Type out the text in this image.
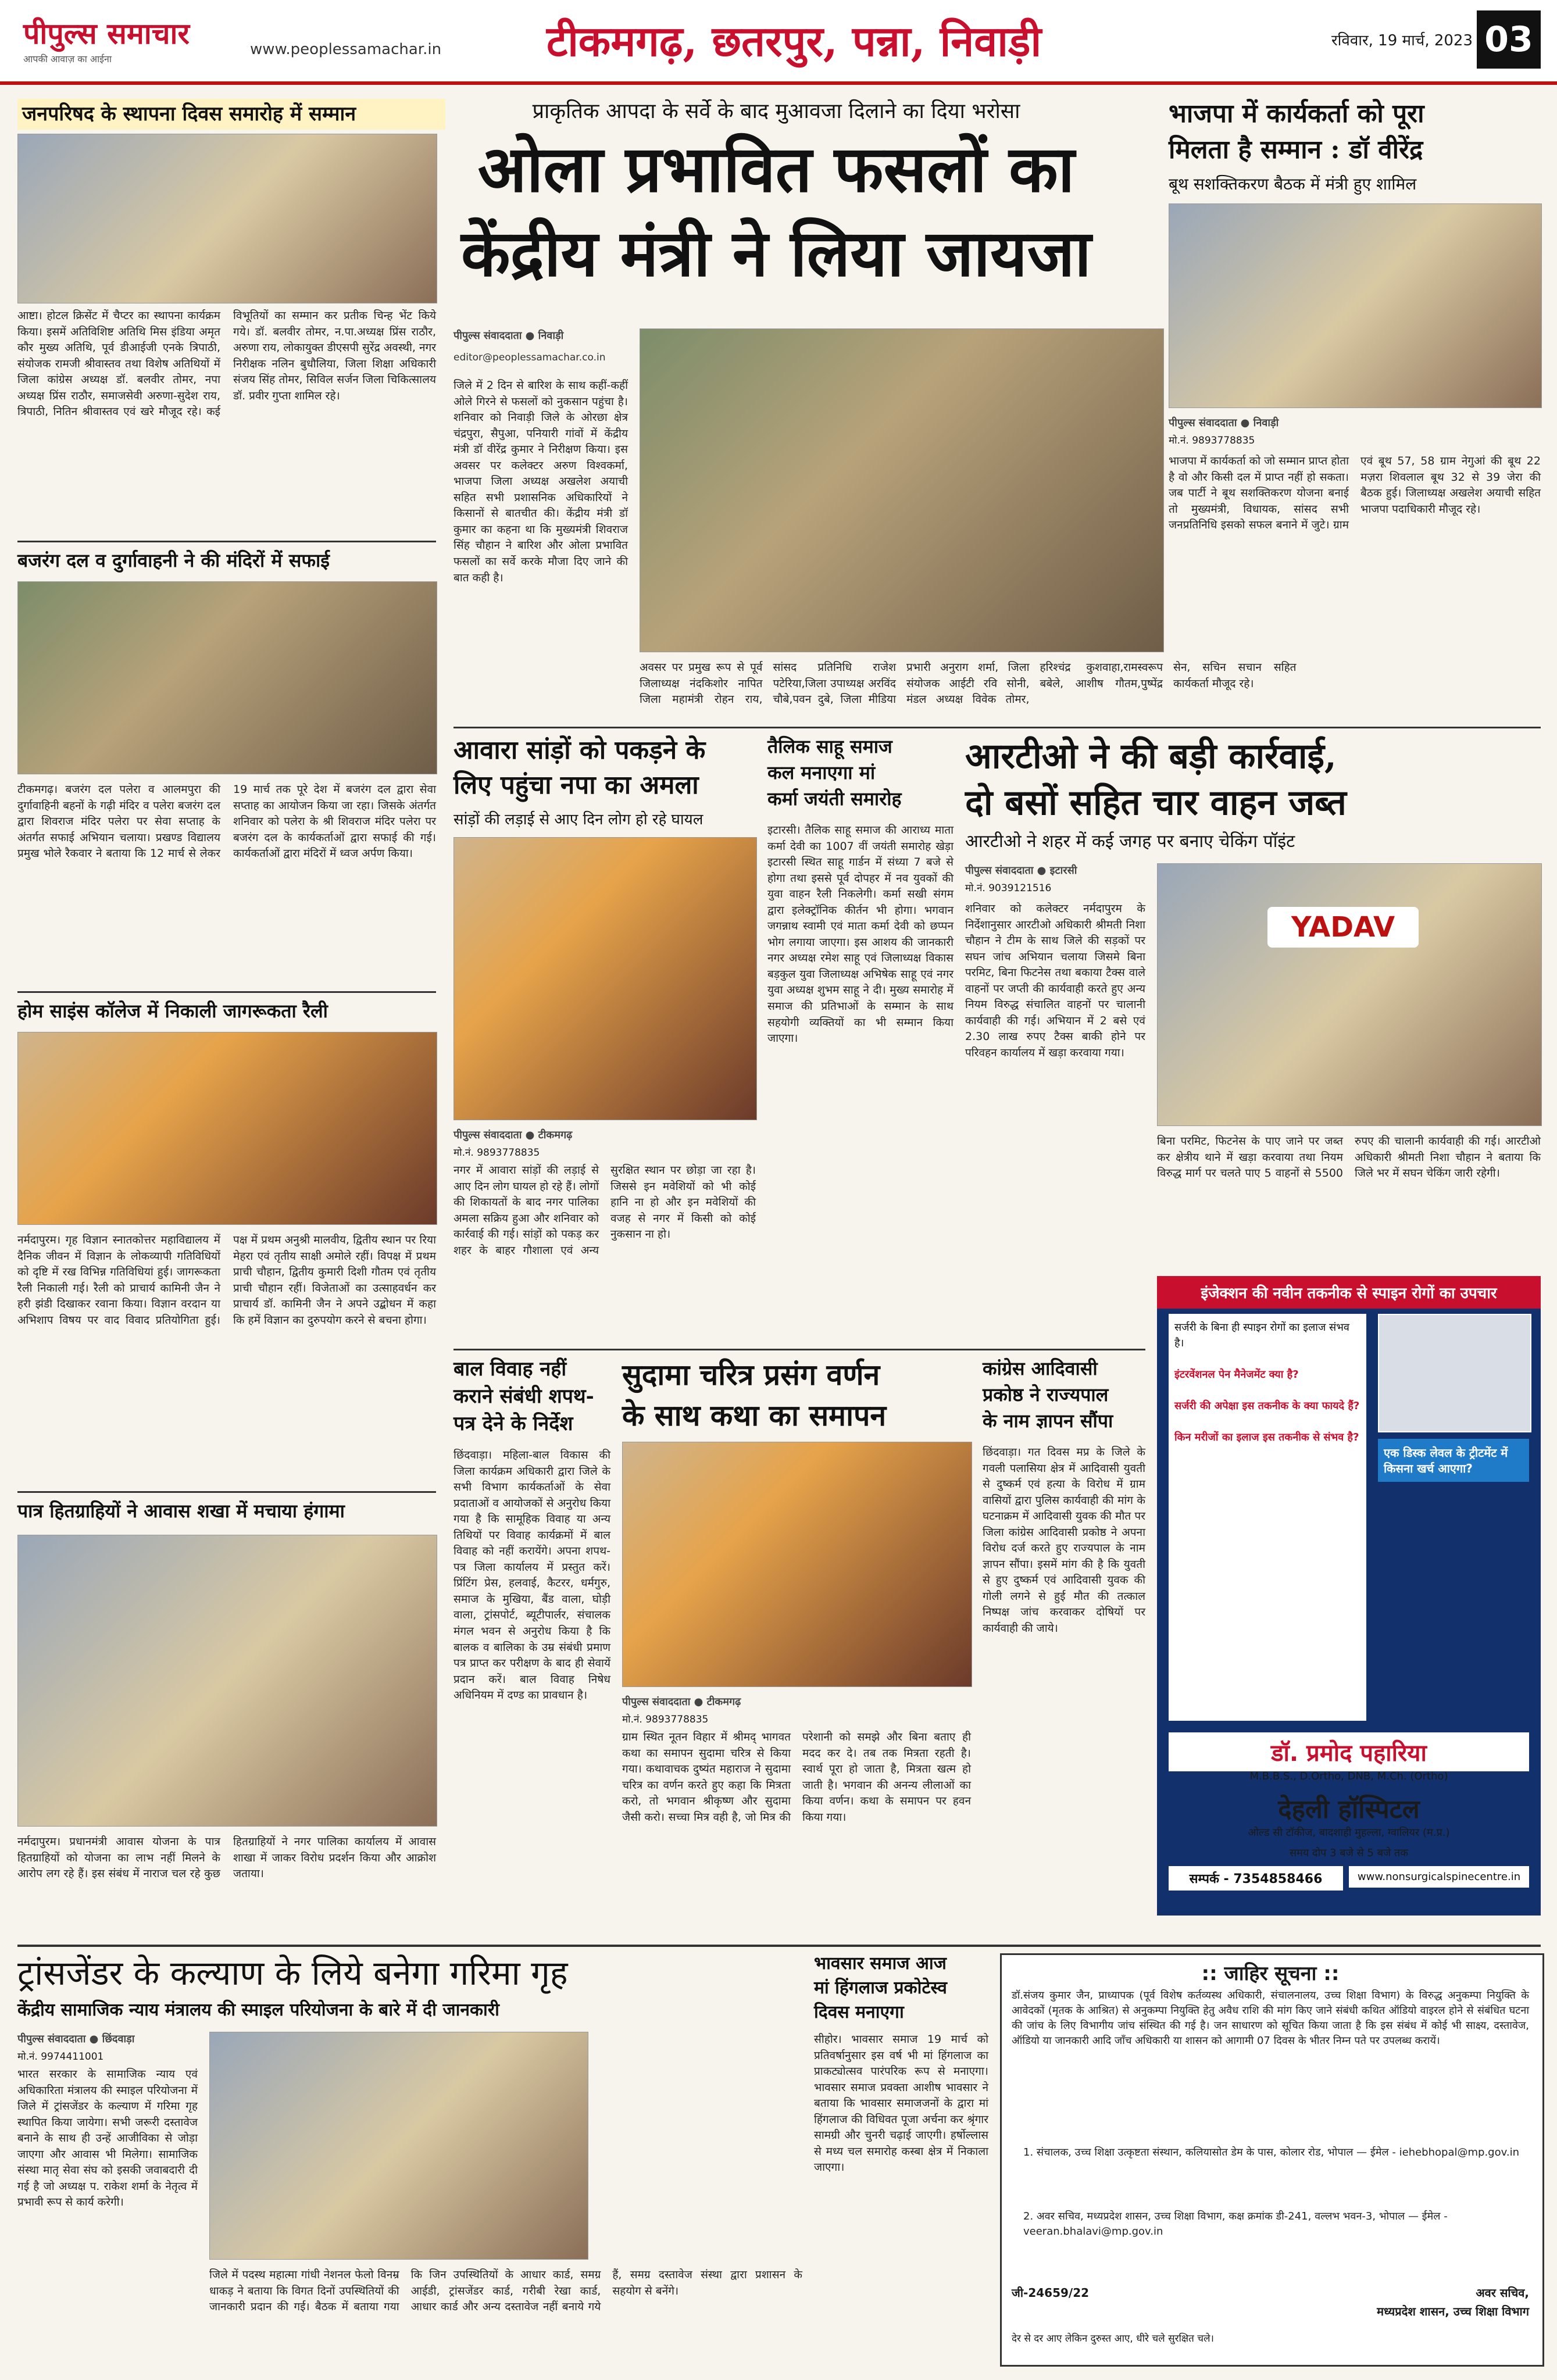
पीपुल्स समाचार
आपकी आवाज़ का आईना
www.peoplessamachar.in	टीकमगढ़, छतरपुर, पन्ना, निवाड़ी	रविवार, 19 मार्च, 2023 03
जनपरिषद के स्थापना दिवस समारोह में सम्मान
आष्टा। होटल क्रिसेंट में चैप्टर का स्थापना कार्यक्रम किया। इसमें अतिविशिष्ट अतिथि मिस इंडिया अमृत कौर मुख्य अतिथि, पूर्व डीआईजी एनके त्रिपाठी, संयोजक रामजी श्रीवास्तव तथा विशेष अतिथियों में जिला कांग्रेस अध्यक्ष डॉ. बलवीर तोमर, नपा अध्यक्ष प्रिंस राठौर, समाजसेवी अरुणा-सुदेश राय, त्रिपाठी, नितिन श्रीवास्तव एवं खरे मौजूद रहे। कई विभूतियों का सम्मान कर प्रतीक चिन्ह भेंट किये गये। डॉ. बलवीर तोमर, न.पा.अध्यक्ष प्रिंस राठौर, अरुणा राय, लोकायुक्त डीएसपी सुरेंद्र अवस्थी, नगर निरीक्षक नलिन बुधौलिया, जिला शिक्षा अधिकारी संजय सिंह तोमर, सिविल सर्जन जिला चिकित्सालय डॉ. प्रवीर गुप्ता शामिल रहे।
बजरंग दल व दुर्गावाहनी ने की मंदिरों में सफाई
टीकमगढ़। बजरंग दल पलेरा व आलमपुरा की दुर्गावाहिनी बहनों के गढ़ी मंदिर व पलेरा बजरंग दल द्वारा शिवराज मंदिर पलेरा पर सेवा सप्ताह के अंतर्गत सफाई अभियान चलाया। प्रखण्ड विद्यालय प्रमुख भोले रैकवार ने बताया कि 12 मार्च से लेकर 19 मार्च तक पूरे देश में बजरंग दल द्वारा सेवा सप्ताह का आयोजन किया जा रहा। जिसके अंतर्गत शनिवार को पलेरा के श्री शिवराज मंदिर पलेरा पर बजरंग दल के कार्यकर्ताओं द्वारा सफाई की गई। कार्यकर्ताओं द्वारा मंदिरों में ध्वज अर्पण किया।
होम साइंस कॉलेज में निकाली जागरूकता रैली
नर्मदापुरम। गृह विज्ञान स्नातकोत्तर महाविद्यालय में दैनिक जीवन में विज्ञान के लोकव्यापी गतिविधियों को दृष्टि में रख विभिन्न गतिविधियां हुई। जागरूकता रैली निकाली गई। रैली को प्राचार्य कामिनी जैन ने हरी झंडी दिखाकर रवाना किया। विज्ञान वरदान या अभिशाप विषय पर वाद विवाद प्रतियोगिता हुई। पक्ष में प्रथम अनुश्री मालवीय, द्वितीय स्थान पर रिया मेहरा एवं तृतीय साक्षी अमोले रहीं। विपक्ष में प्रथम प्राची चौहान, द्वितीय कुमारी दिशी गौतम एवं तृतीय प्राची चौहान रहीं। विजेताओं का उत्साहवर्धन कर प्राचार्य डॉ. कामिनी जैन ने अपने उद्बोधन में कहा कि हमें विज्ञान का दुरुपयोग करने से बचना होगा।
पात्र हितग्राहियों ने आवास शखा में मचाया हंगामा
नर्मदापुरम। प्रधानमंत्री आवास योजना के पात्र हितग्राहियों को योजना का लाभ नहीं मिलने के आरोप लग रहे हैं। इस संबंध में नाराज चल रहे कुछ हितग्राहियों ने नगर पालिका कार्यालय में आवास शाखा में जाकर विरोध प्रदर्शन किया और आक्रोश जताया।
प्राकृतिक आपदा के सर्वे के बाद मुआवजा दिलाने का दिया भरोसा
ओला प्रभावित फसलों का
केंद्रीय मंत्री ने लिया जायजा
पीपुल्स संवाददाता ● निवाड़ी
editor@peoplessamachar.co.in
जिले में 2 दिन से बारिश के साथ कहीं-कहीं ओले गिरने से फसलों को नुकसान पहुंचा है। शनिवार को निवाड़ी जिले के ओरछा क्षेत्र चंद्रपुरा, सैपुआ, पनियारी गांवों में केंद्रीय मंत्री डॉ वीरेंद्र कुमार ने निरीक्षण किया। इस अवसर पर कलेक्टर अरुण विश्वकर्मा, भाजपा जिला अध्यक्ष अखलेश अयाची सहित सभी प्रशासनिक अधिकारियों ने किसानों से बातचीत की। केंद्रीय मंत्री डॉ कुमार का कहना था कि मुख्यमंत्री शिवराज सिंह चौहान ने बारिश और ओला प्रभावित फसलों का सर्वे करके मौजा दिए जाने की बात कही है।
अवसर पर प्रमुख रूप से पूर्व जिलाध्यक्ष नंदकिशोर नापित जिला महामंत्री रोहन राय, सांसद प्रतिनिधि राजेश पटेरिया,जिला उपाध्यक्ष अरविंद चौबे,पवन दुबे, जिला मीडिया प्रभारी अनुराग शर्मा, जिला संयोजक आईटी रवि सोनी, मंडल अध्यक्ष विवेक तोमर, हरिश्चंद्र कुशवाहा,रामस्वरूप बबेले, आशीष गौतम,पुष्पेंद्र सेन, सचिन सचान सहित कार्यकर्ता मौजूद रहे।
भाजपा में कार्यकर्ता को पूरा
मिलता है सम्मान : डॉ वीरेंद्र
बूथ सशक्तिकरण बैठक में मंत्री हुए शामिल
पीपुल्स संवाददाता ● निवाड़ी
मो.नं. 9893778835
भाजपा में कार्यकर्ता को जो सम्मान प्राप्त होता है वो और किसी दल में प्राप्त नहीं हो सकता। जब पार्टी ने बूथ सशक्तिकरण योजना बनाई तो मुख्यमंत्री, विधायक, सांसद सभी जनप्रतिनिधि इसको सफल बनाने में जुटे। ग्राम एवं बूथ 57, 58 ग्राम नेगुआं की बूथ 22 मज़रा शिवलाल बूथ 32 से 39 जेरा की बैठक हुई। जिलाध्यक्ष अखलेश अयाची सहित भाजपा पदाधिकारी मौजूद रहे।
आवारा सांड़ों को पकड़ने के
लिए पहुंचा नपा का अमला
सांड़ों की लड़ाई से आए दिन लोग हो रहे घायल
पीपुल्स संवाददाता ● टीकमगढ़
मो.नं. 9893778835
नगर में आवारा सांड़ों की लड़ाई से आए दिन लोग घायल हो रहे हैं। लोगों की शिकायतों के बाद नगर पालिका अमला सक्रिय हुआ और शनिवार को कार्रवाई की गई। सांड़ों को पकड़ कर शहर के बाहर गौशाला एवं अन्य सुरक्षित स्थान पर छोड़ा जा रहा है। जिससे इन मवेशियों को भी कोई हानि ना हो और इन मवेशियों की वजह से नगर में किसी को कोई नुकसान ना हो।
तैलिक साहू समाज
कल मनाएगा मां
कर्मा जयंती समारोह
इटारसी। तैलिक साहू समाज की आराध्य माता कर्मा देवी का 1007 वीं जयंती समारोह खेड़ा इटारसी स्थित साहू गार्डन में संध्या 7 बजे से होगा तथा इससे पूर्व दोपहर में नव युवकों की युवा वाहन रैली निकलेगी। कर्मा सखी संगम द्वारा इलेक्ट्रॉनिक कीर्तन भी होगा। भगवान जगन्नाथ स्वामी एवं माता कर्मा देवी को छप्पन भोग लगाया जाएगा। इस आशय की जानकारी नगर अध्यक्ष रमेश साहू एवं जिलाध्यक्ष विकास बड़कुल युवा जिलाध्यक्ष अभिषेक साहू एवं नगर युवा अध्यक्ष शुभम साहू ने दी। मुख्य समारोह में समाज की प्रतिभाओं के सम्मान के साथ सहयोगी व्यक्तियों का भी सम्मान किया जाएगा।
आरटीओ ने की बड़ी कार्रवाई,
दो बसों सहित चार वाहन जब्त
आरटीओ ने शहर में कई जगह पर बनाए चेकिंग पॉइंट
पीपुल्स संवाददाता ● इटारसी
मो.नं. 9039121516
शनिवार को कलेक्टर नर्मदापुरम के निर्देशानुसार आरटीओ अधिकारी श्रीमती निशा चौहान ने टीम के साथ जिले की सड़कों पर सघन जांच अभियान चलाया जिसमे बिना परमिट, बिना फिटनेस तथा बकाया टैक्स वाले वाहनों पर जप्ती की कार्यवाही करते हुए अन्य नियम विरुद्ध संचालित वाहनों पर चालानी कार्यवाही की गई। अभियान में 2 बसे एवं 2.30 लाख रुपए टैक्स बाकी होने पर परिवहन कार्यालय में खड़ा करवाया गया।
YADAV
बिना परमिट, फिटनेस के पाए जाने पर जब्त कर क्षेत्रीय थाने में खड़ा करवाया तथा नियम विरुद्ध मार्ग पर चलते पाए 5 वाहनों से 5500 रुपए की चालानी कार्यवाही की गई। आरटीओ अधिकारी श्रीमती निशा चौहान ने बताया कि जिले भर में सघन चेकिंग जारी रहेगी।
इंजेक्शन की नवीन तकनीक से स्पाइन रोगों का उपचार
सर्जरी के बिना ही स्पाइन रोगों का इलाज संभव है।

इंटरवेंशनल पेन मैनेजमेंट क्या है?

सर्जरी की अपेक्षा इस तकनीक के क्या फायदे हैं?

किन मरीजों का इलाज इस तकनीक से संभव है?
एक डिस्क लेवल के ट्रीटमेंट में किसना खर्च आएगा?
डॉ. प्रमोद पहारिया
M.B.B.S., D.Ortho, DNB, M.Ch. (Ortho)
देहली हॉस्पिटल
ओल्ड सी टॉकीज, बादशाही मुहल्ला, ग्वालियर (म.प्र.)
समय दोप 3 बजे से 5 बजे तक
सम्पर्क - 7354858466	www.nonsurgicalspinecentre.in
बाल विवाह नहीं
कराने संबंधी शपथ-
पत्र देने के निर्देश
छिंदवाड़ा। महिला-बाल विकास की जिला कार्यक्रम अधिकारी द्वारा जिले के सभी विभाग कार्यकर्ताओं के सेवा प्रदाताओं व आयोजकों से अनुरोध किया गया है कि सामूहिक विवाह या अन्य तिथियों पर विवाह कार्यक्रमों में बाल विवाह को नहीं करायेंगे। अपना शपथ-पत्र जिला कार्यालय में प्रस्तुत करें। प्रिंटिंग प्रेस, हलवाई, कैटरर, धर्मगुरु, समाज के मुखिया, बैंड वाला, घोड़ी वाला, ट्रांसपोर्ट, ब्यूटीपार्लर, संचालक मंगल भवन से अनुरोध किया है कि बालक व बालिका के उम्र संबंधी प्रमाण पत्र प्राप्त कर परीक्षण के बाद ही सेवायें प्रदान करें। बाल विवाह निषेध अधिनियम में दण्ड का प्रावधान है।
सुदामा चरित्र प्रसंग वर्णन
के साथ कथा का समापन
पीपुल्स संवाददाता ● टीकमगढ़
मो.नं. 9893778835
ग्राम स्थित नूतन विहार में श्रीमद् भागवत कथा का समापन सुदामा चरित्र से किया गया। कथावाचक दुष्यंत महाराज ने सुदामा चरित्र का वर्णन करते हुए कहा कि मित्रता करो, तो भगवान श्रीकृष्ण और सुदामा जैसी करो। सच्चा मित्र वही है, जो मित्र की परेशानी को समझे और बिना बताए ही मदद कर दे। तब तक मित्रता रहती है। स्वार्थ पूरा हो जाता है, मित्रता खत्म हो जाती है। भगवान की अनन्य लीलाओं का किया वर्णन। कथा के समापन पर हवन किया गया।
कांग्रेस आदिवासी
प्रकोष्ठ ने राज्यपाल
के नाम ज्ञापन सौंपा
छिंदवाड़ा। गत दिवस मप्र के जिले के गवली पलासिया क्षेत्र में आदिवासी युवती से दुष्कर्म एवं हत्या के विरोध में ग्राम वासियों द्वारा पुलिस कार्यवाही की मांग के घटनाक्रम में आदिवासी युवक की मौत पर जिला कांग्रेस आदिवासी प्रकोष्ठ ने अपना विरोध दर्ज करते हुए राज्यपाल के नाम ज्ञापन सौंपा। इसमें मांग की है कि युवती से हुए दुष्कर्म एवं आदिवासी युवक की गोली लगने से हुई मौत की तत्काल निष्पक्ष जांच करवाकर दोषियों पर कार्यवाही की जाये।
ट्रांसजेंडर के कल्याण के लिये बनेगा गरिमा गृह
केंद्रीय सामाजिक न्याय मंत्रालय की स्माइल परियोजना के बारे में दी जानकारी
पीपुल्स संवाददाता ● छिंदवाड़ा
मो.नं. 9974411001
भारत सरकार के सामाजिक न्याय एवं अधिकारिता मंत्रालय की स्माइल परियोजना में जिले में ट्रांसजेंडर के कल्याण में गरिमा गृह स्थापित किया जायेगा। सभी जरूरी दस्तावेज बनाने के साथ ही उन्हें आजीविका से जोड़ा जाएगा और आवास भी मिलेगा। सामाजिक संस्था मातृ सेवा संघ को इसकी जवाबदारी दी गई है जो अध्यक्ष प. राकेश शर्मा के नेतृत्व में प्रभावी रूप से कार्य करेगी।
जिले में पदस्थ महात्मा गांधी नेशनल फेलो विनम्र धाकड़ ने बताया कि विगत दिनों उपस्थितियों की जानकारी प्रदान की गई। बैठक में बताया गया कि जिन उपस्थितियों के आधार कार्ड, समग्र आईडी, ट्रांसजेंडर कार्ड, गरीबी रेखा कार्ड, आधार कार्ड और अन्य दस्तावेज नहीं बनाये गये हैं, समग्र दस्तावेज संस्था द्वारा प्रशासन के सहयोग से बनेंगे।
भावसार समाज आज
मां हिंगलाज प्रकोटेस्व
दिवस मनाएगा
सीहोर। भावसार समाज 19 मार्च को प्रतिवर्षानुसार इस वर्ष भी मां हिंगलाज का प्राकट्योत्सव पारंपरिक रूप से मनाएगा। भावसार समाज प्रवक्ता आशीष भावसार ने बताया कि भावसार समाजजनों के द्वारा मां हिंगलाज की विधिवत पूजा अर्चना कर श्रृंगार सामग्री और चुनरी चढ़ाई जाएगी। हर्षोल्लास से मध्य चल समारोह कस्बा क्षेत्र में निकाला जाएगा।
:: जाहिर सूचना ::
डॉ.संजय कुमार जैन, प्राध्यापक (पूर्व विशेष कर्तव्यस्थ अधिकारी, संचालनालय, उच्च शिक्षा विभाग) के विरुद्ध अनुकम्पा नियुक्ति के आवेदकों (मृतक के आश्रित) से अनुकम्पा नियुक्ति हेतु अवैध राशि की मांग किए जाने संबंधी कथित ऑडियो वाइरल होने से संबंधित घटना की जांच के लिए विभागीय जांच संस्थित की गई है। जन साधारण को सूचित किया जाता है कि इस संबंध में कोई भी साक्ष्य, दस्तावेज, ऑडियो या जानकारी आदि जाँच अधिकारी या शासन को आगामी 07 दिवस के भीतर निम्न पते पर उपलब्ध करायें।
1. संचालक, उच्च शिक्षा उत्कृष्टता संस्थान, कलियासोत डेम के पास, कोलार रोड, भोपाल — ईमेल - iehebhopal@mp.gov.in
2. अवर सचिव, मध्यप्रदेश शासन, उच्च शिक्षा विभाग, कक्ष क्रमांक डी-241, वल्लभ भवन-3, भोपाल — ईमेल - veeran.bhalavi@mp.gov.in
जी-24659/22	अवर सचिव,
मध्यप्रदेश शासन, उच्च शिक्षा विभाग
देर से दर आए लेकिन दुरुस्त आए, धीरे चले सुरक्षित चले।
